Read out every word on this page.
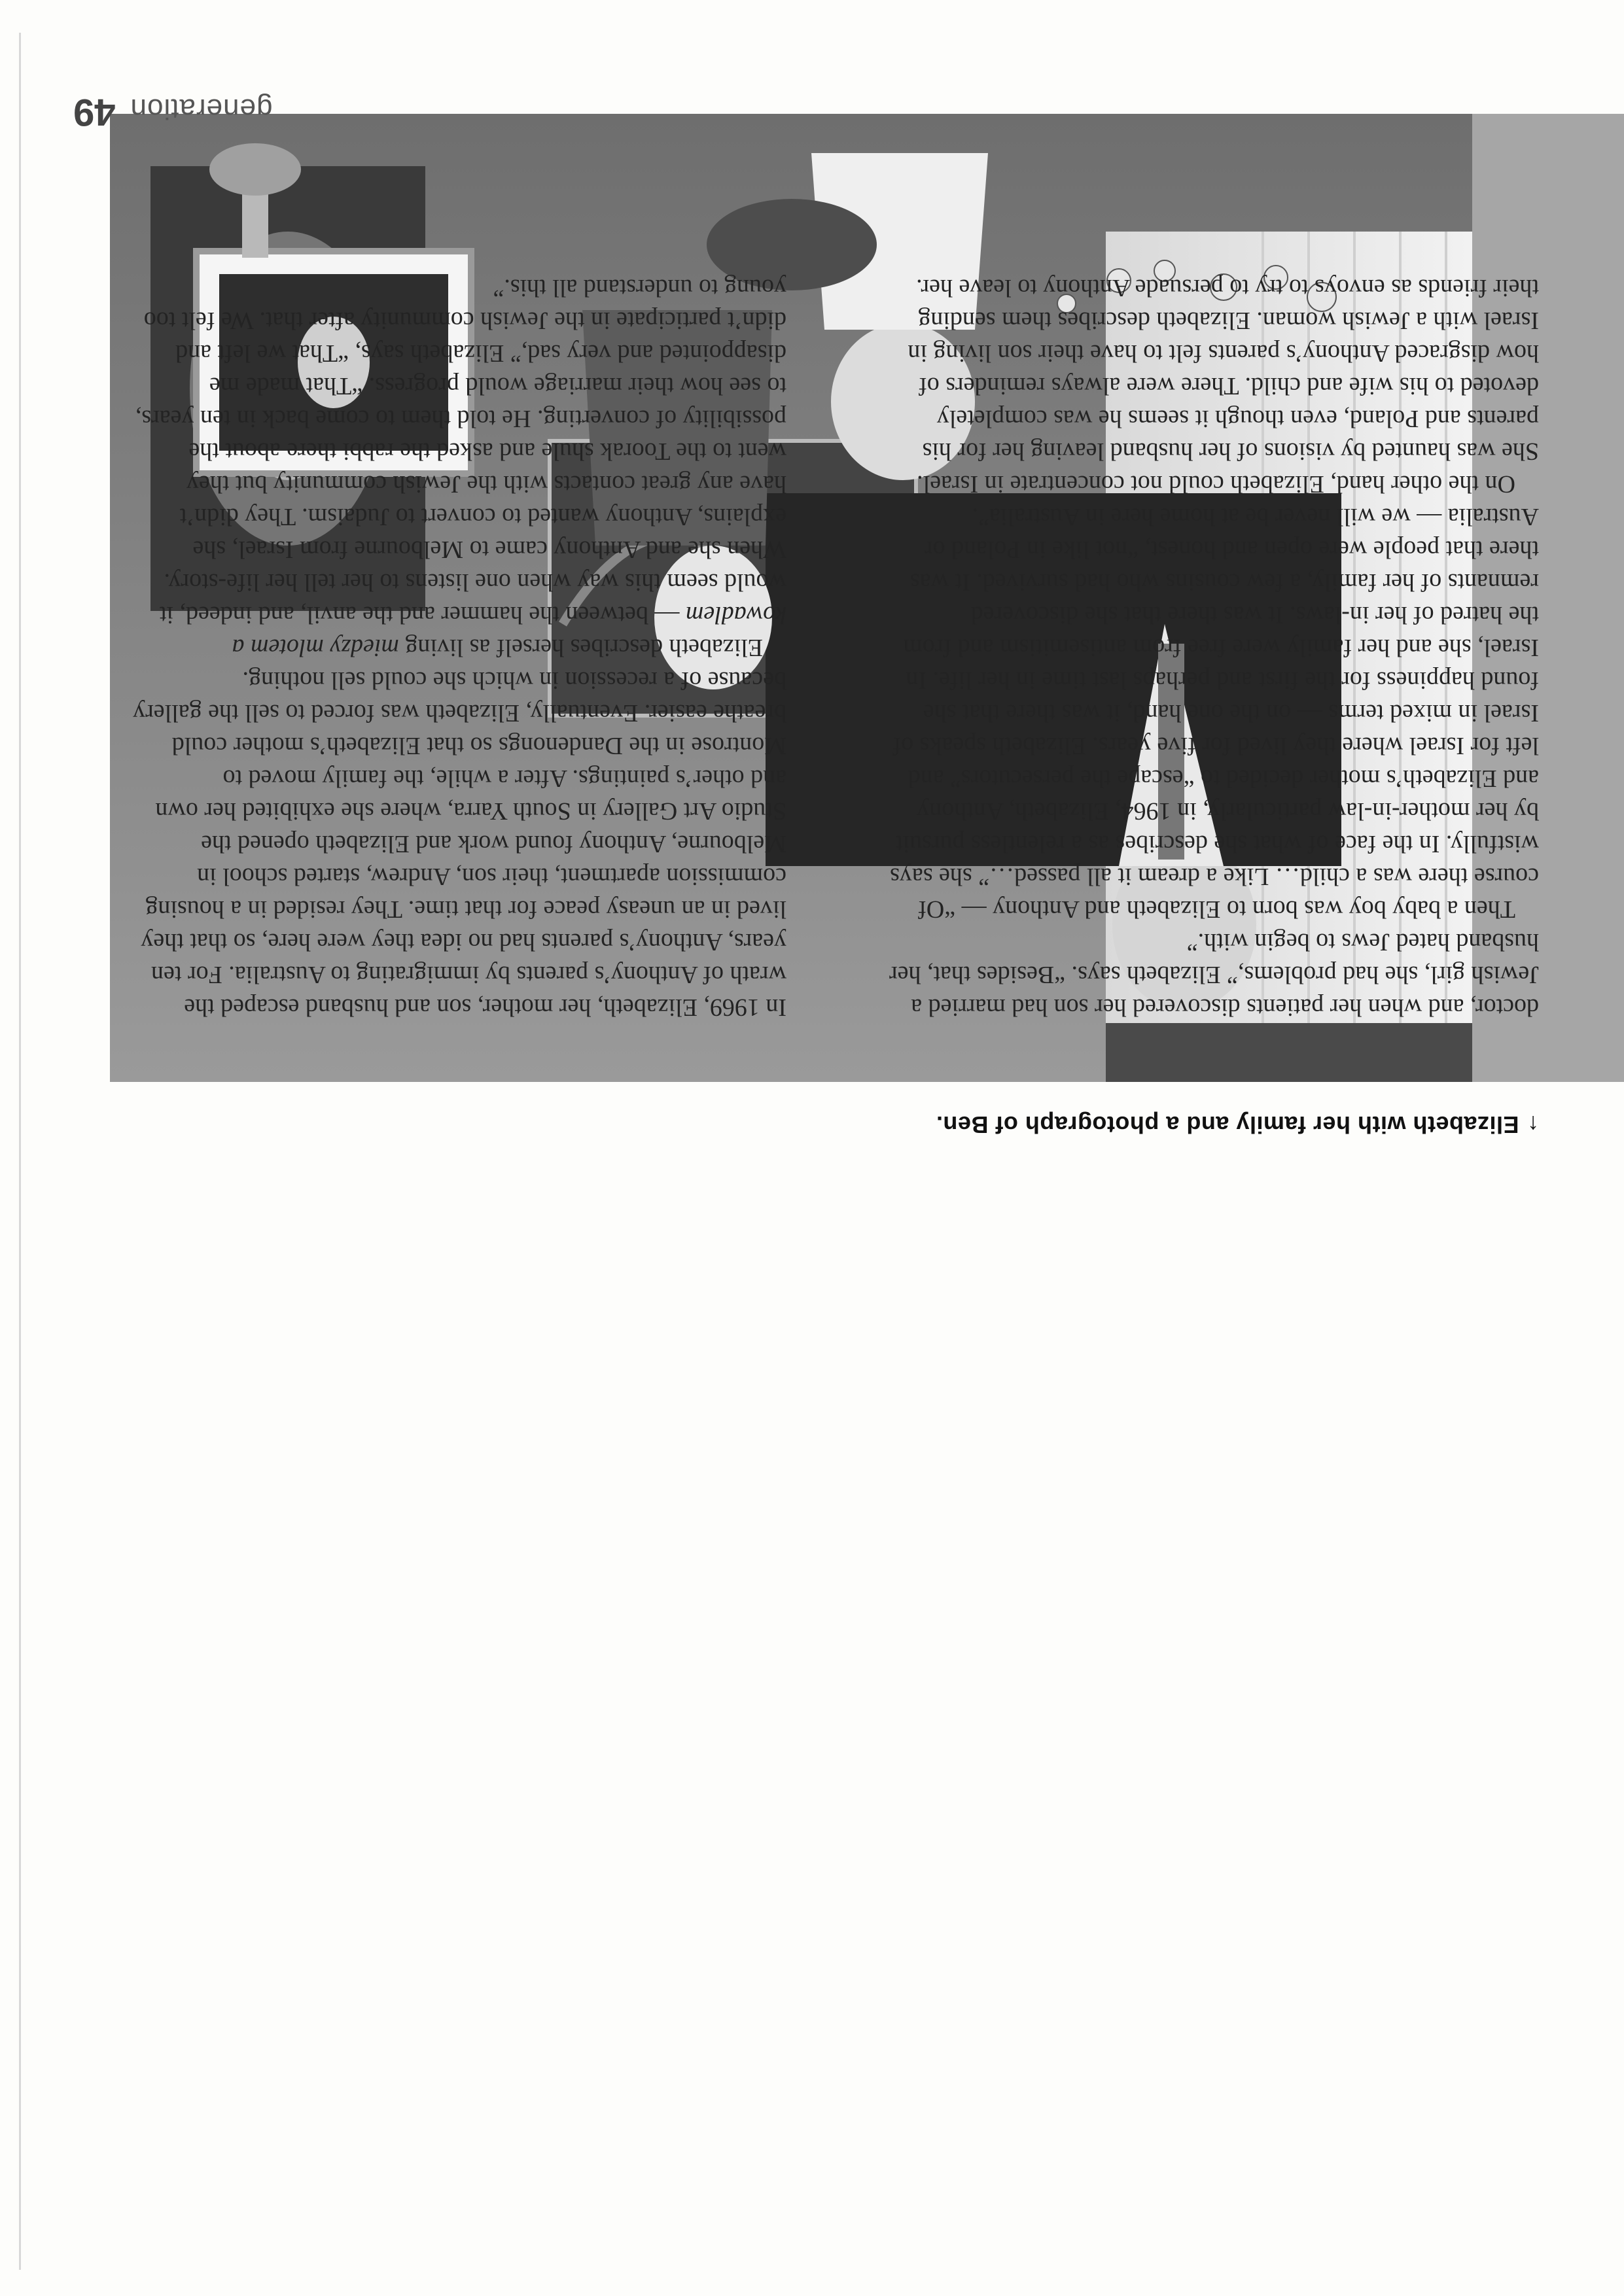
↑Elizabeth with her family and a photograph of Ben.

doctor, and when her patients discovered her son had married a Jewish girl, she had problems,” Elizabeth says. “Besides that, her husband hated Jews to begin with.”

Then a baby boy was born to Elizabeth and Anthony — “Of course there was a child… Like a dream it all passed…” she says wistfully. In the face of what she describes as a relentless pursuit by her mother-in-law particularly, in 1964, Elizabeth, Anthony and Elizabeth’s mother decided to “escape the persecutors” and left for Israel where they lived for five years. Elizabeth speaks of Israel in mixed terms — on the one hand, it was there that she found happiness for the first and perhaps last time in her life. In Israel, she and her family were free from antisemitism and from the hatred of her in-laws. It was there that she discovered remnants of her family, a few cousins who had survived. It was there that people were open and honest, “not like in Poland or Australia — we will never be at home here in Australia”.

On the other hand, Elizabeth could not concentrate in Israel. She was haunted by visions of her husband leaving her for his parents and Poland, even though it seems he was completely devoted to his wife and child. There were always reminders of how disgraced Anthony’s parents felt to have their son living in Israel with a Jewish woman. Elizabeth describes them sending their friends as envoys to try to persuade Anthony to leave her.

In 1969, Elizabeth, her mother, son and husband escaped the wrath of Anthony’s parents by immigrating to Australia. For ten years, Anthony’s parents had no idea they were here, so that they lived in an uneasy peace for that time. They resided in a housing commission apartment, their son, Andrew, started school in Melbourne, Anthony found work and Elizabeth opened the Studio Art Gallery in South Yarra, where she exhibited her own and other’s paintings. After a while, the family moved to Montrose in the Dandenongs so that Elizabeth’s mother could breathe easier. Eventually, Elizabeth was forced to sell the gallery because of a recession in which she could sell nothing.

Elizabeth describes herself as living miedzy mlotem a kowadlem — between the hammer and the anvil, and indeed, it would seem this way when one listens to her tell her life-story. When she and Anthony came to Melbourne from Israel, she explains, Anthony wanted to convert to Judaism. They didn’t have any great contacts with the Jewish community but they went to the Toorak shule and asked the rabbi there about the possibility of converting. He told them to come back in ten years, to see how their marriage would progress. “That made me disappointed and very sad,” Elizabeth says, “That we left and didn’t participate in the Jewish community after that. We felt too young to understand all this.”

generation49
